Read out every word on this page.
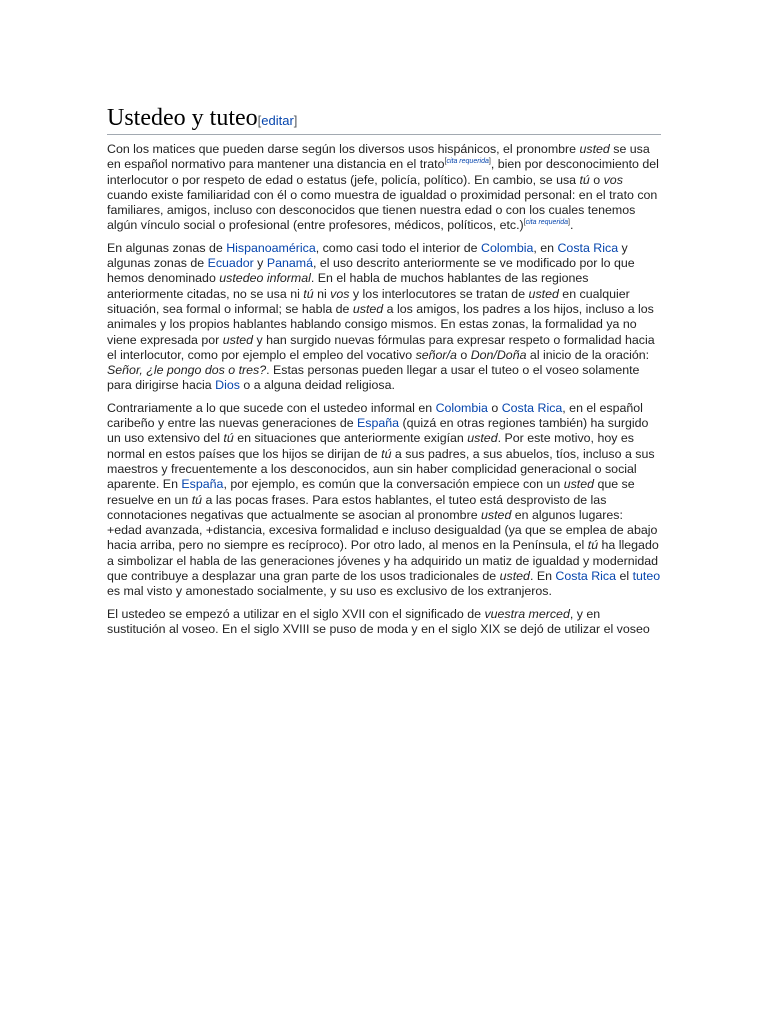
Ustedeo y tuteo[editar]

Con los matices que pueden darse según los diversos usos hispánicos, el pronombre usted se usa en español normativo para mantener una distancia en el trato[cita requerida], bien por desconocimiento del interlocutor o por respeto de edad o estatus (jefe, policía, político). En cambio, se usa tú o vos cuando existe familiaridad con él o como muestra de igualdad o proximidad personal: en el trato con familiares, amigos, incluso con desconocidos que tienen nuestra edad o con los cuales tenemos algún vínculo social o profesional (entre profesores, médicos, políticos, etc.)[cita requerida].

En algunas zonas de Hispanoamérica, como casi todo el interior de Colombia, en Costa Rica y algunas zonas de Ecuador y Panamá, el uso descrito anteriormente se ve modificado por lo que hemos denominado ustedeo informal. En el habla de muchos hablantes de las regiones anteriormente citadas, no se usa ni tú ni vos y los interlocutores se tratan de usted en cualquier situación, sea formal o informal; se habla de usted a los amigos, los padres a los hijos, incluso a los animales y los propios hablantes hablando consigo mismos. En estas zonas, la formalidad ya no viene expresada por usted y han surgido nuevas fórmulas para expresar respeto o formalidad hacia el interlocutor, como por ejemplo el empleo del vocativo señor/a o Don/Doña al inicio de la oración: Señor, ¿le pongo dos o tres?. Estas personas pueden llegar a usar el tuteo o el voseo solamente para dirigirse hacia Dios o a alguna deidad religiosa.

Contrariamente a lo que sucede con el ustedeo informal en Colombia o Costa Rica, en el español caribeño y entre las nuevas generaciones de España (quizá en otras regiones también) ha surgido un uso extensivo del tú en situaciones que anteriormente exigían usted. Por este motivo, hoy es normal en estos países que los hijos se dirijan de tú a sus padres, a sus abuelos, tíos, incluso a sus maestros y frecuentemente a los desconocidos, aun sin haber complicidad generacional o social aparente. En España, por ejemplo, es común que la conversación empiece con un usted que se resuelve en un tú a las pocas frases. Para estos hablantes, el tuteo está desprovisto de las connotaciones negativas que actualmente se asocian al pronombre usted en algunos lugares: +edad avanzada, +distancia, excesiva formalidad e incluso desigualdad (ya que se emplea de abajo hacia arriba, pero no siempre es recíproco). Por otro lado, al menos en la Península, el tú ha llegado a simbolizar el habla de las generaciones jóvenes y ha adquirido un matiz de igualdad y modernidad que contribuye a desplazar una gran parte de los usos tradicionales de usted. En Costa Rica el tuteo es mal visto y amonestado socialmente, y su uso es exclusivo de los extranjeros.

El ustedeo se empezó a utilizar en el siglo XVII con el significado de vuestra merced, y en sustitución al voseo. En el siglo XVIII se puso de moda y en el siglo XIX se dejó de utilizar el voseo
